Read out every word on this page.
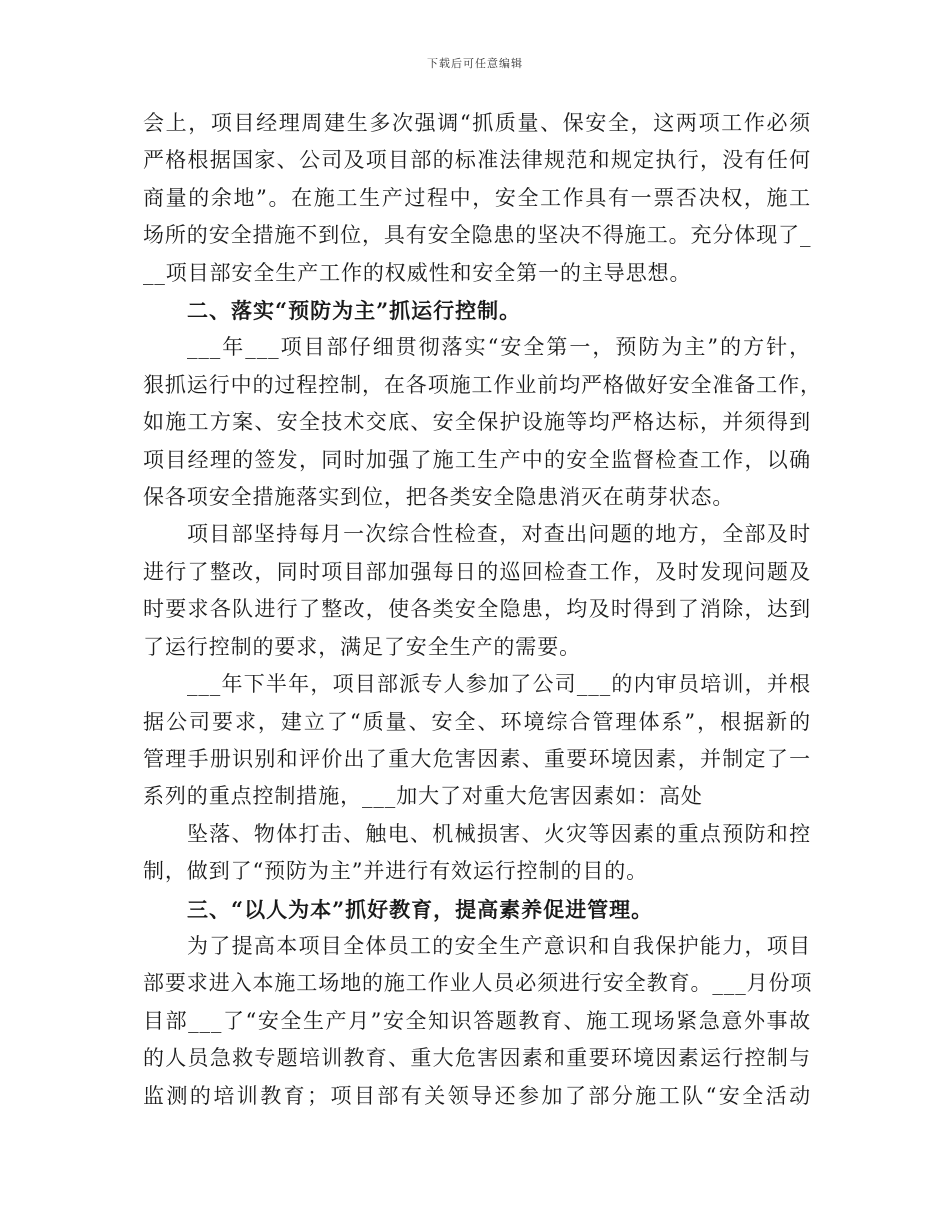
下载后可任意编辑
会上，项目经理周建生多次强调“抓质量、保安全，这两项工作必须
严格根据国家、公司及项目部的标准法律规范和规定执行，没有任何
商量的余地”。在施工生产过程中，安全工作具有一票否决权，施工
场所的安全措施不到位，具有安全隐患的坚决不得施工。充分体现了_
__项目部安全生产工作的权威性和安全第一的主导思想。
二、落实“预防为主”抓运行控制。
___年___项目部仔细贯彻落实“安全第一，预防为主”的方针，
狠抓运行中的过程控制，在各项施工作业前均严格做好安全准备工作，
如施工方案、安全技术交底、安全保护设施等均严格达标，并须得到
项目经理的签发，同时加强了施工生产中的安全监督检查工作，以确
保各项安全措施落实到位，把各类安全隐患消灭在萌芽状态。
项目部坚持每月一次综合性检查，对查出问题的地方，全部及时
进行了整改，同时项目部加强每日的巡回检查工作，及时发现问题及
时要求各队进行了整改，使各类安全隐患，均及时得到了消除，达到
了运行控制的要求，满足了安全生产的需要。
___年下半年，项目部派专人参加了公司___的内审员培训，并根
据公司要求，建立了“质量、安全、环境综合管理体系”，根据新的
管理手册识别和评价出了重大危害因素、重要环境因素，并制定了一
系列的重点控制措施，___加大了对重大危害因素如：高处
坠落、物体打击、触电、机械损害、火灾等因素的重点预防和控
制，做到了“预防为主”并进行有效运行控制的目的。
三、“以人为本”抓好教育，提高素养促进管理。
为了提高本项目全体员工的安全生产意识和自我保护能力，项目
部要求进入本施工场地的施工作业人员必须进行安全教育。___月份项
目部___了“安全生产月”安全知识答题教育、施工现场紧急意外事故
的人员急救专题培训教育、重大危害因素和重要环境因素运行控制与
监测的培训教育；项目部有关领导还参加了部分施工队“安全活动
